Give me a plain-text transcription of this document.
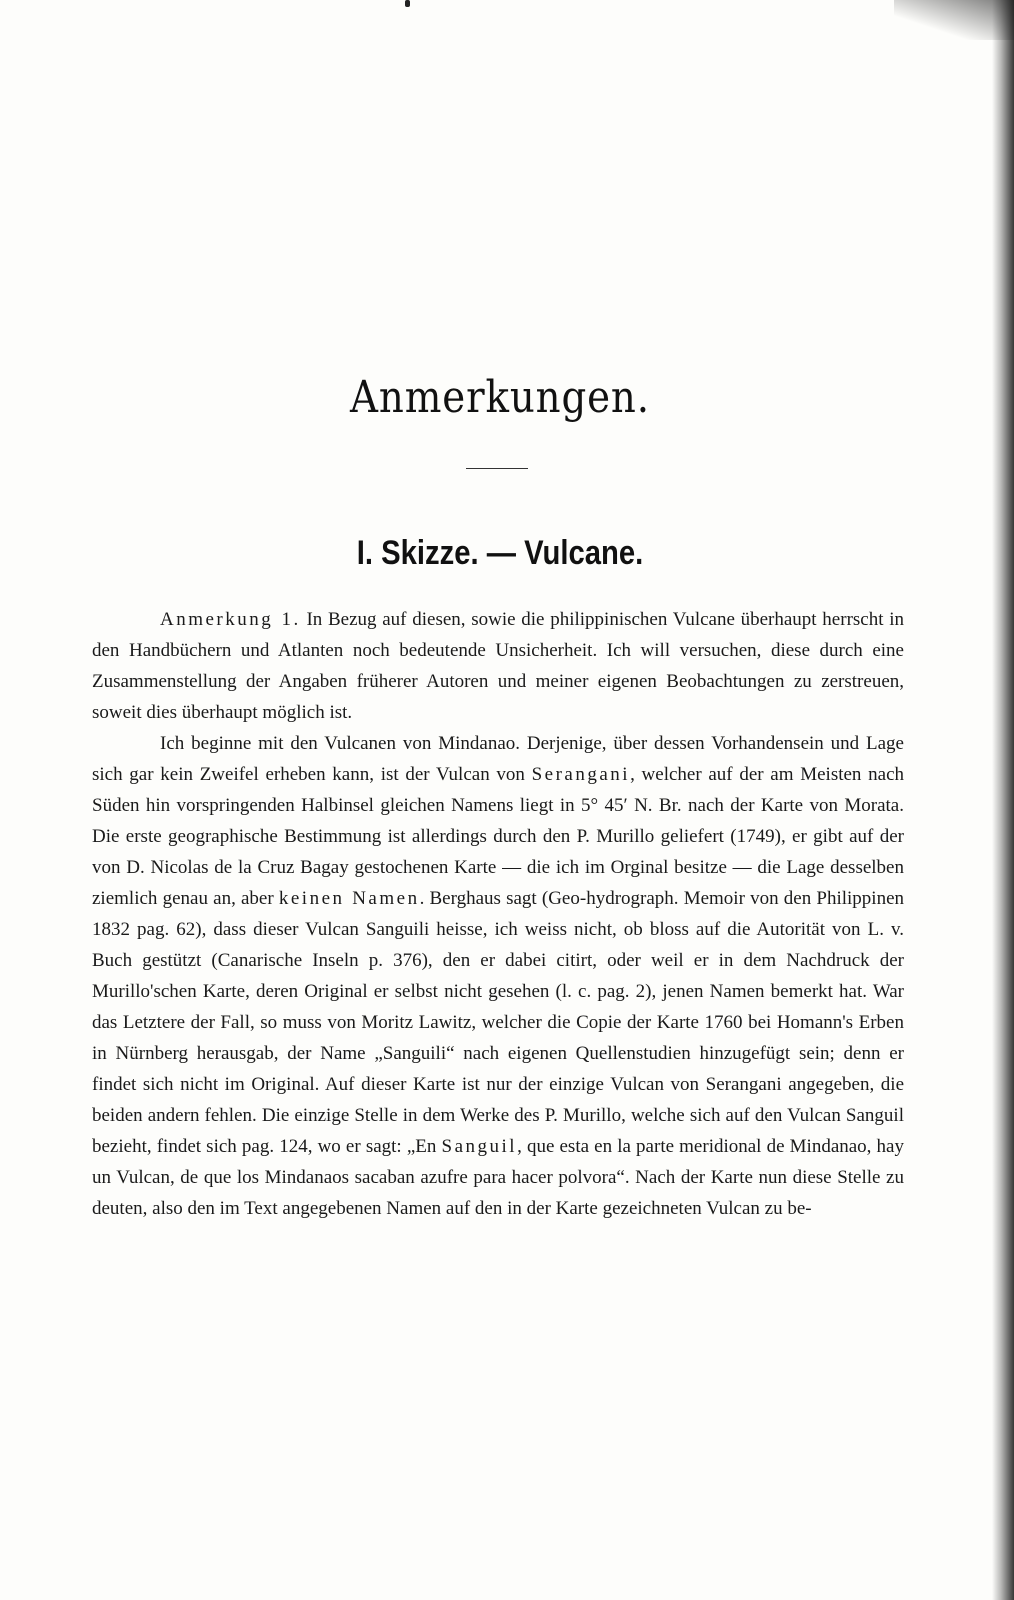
Anmerkungen.
I. Skizze. — Vulcane.

Anmerkung 1. In Bezug auf diesen, sowie die philippinischen Vulcane überhaupt herrscht in den Handbüchern und Atlanten noch bedeutende Unsicherheit. Ich will versuchen, diese durch eine Zusammenstellung der Angaben früherer Autoren und meiner eigenen Beobachtungen zu zerstreuen, soweit dies überhaupt möglich ist.

Ich beginne mit den Vulcanen von Mindanao. Derjenige, über dessen Vorhandensein und Lage sich gar kein Zweifel erheben kann, ist der Vulcan von Serangani, welcher auf der am Meisten nach Süden hin vorspringenden Halbinsel gleichen Namens liegt in 5° 45′ N. Br. nach der Karte von Morata. Die erste geographische Bestimmung ist allerdings durch den P. Murillo geliefert (1749), er gibt auf der von D. Nicolas de la Cruz Bagay gestochenen Karte — die ich im Orginal besitze — die Lage desselben ziemlich genau an, aber keinen Namen. Berghaus sagt (Geo-hydrograph. Memoir von den Philippinen 1832 pag. 62), dass dieser Vulcan Sanguili heisse, ich weiss nicht, ob bloss auf die Autorität von L. v. Buch gestützt (Canarische Inseln p. 376), den er dabei citirt, oder weil er in dem Nachdruck der Murillo'schen Karte, deren Original er selbst nicht gesehen (l. c. pag. 2), jenen Namen bemerkt hat. War das Letztere der Fall, so muss von Moritz Lawitz, welcher die Copie der Karte 1760 bei Homann's Erben in Nürnberg herausgab, der Name „Sanguili“ nach eigenen Quellenstudien hinzugefügt sein; denn er findet sich nicht im Original. Auf dieser Karte ist nur der einzige Vulcan von Serangani angegeben, die beiden andern fehlen. Die einzige Stelle in dem Werke des P. Murillo, welche sich auf den Vulcan Sanguil bezieht, findet sich pag. 124, wo er sagt: „En Sanguil, que esta en la parte meridional de Mindanao, hay un Vulcan, de que los Mindanaos sacaban azufre para hacer polvora“. Nach der Karte nun diese Stelle zu deuten, also den im Text angegebenen Namen auf den in der Karte gezeichneten Vulcan zu be-
